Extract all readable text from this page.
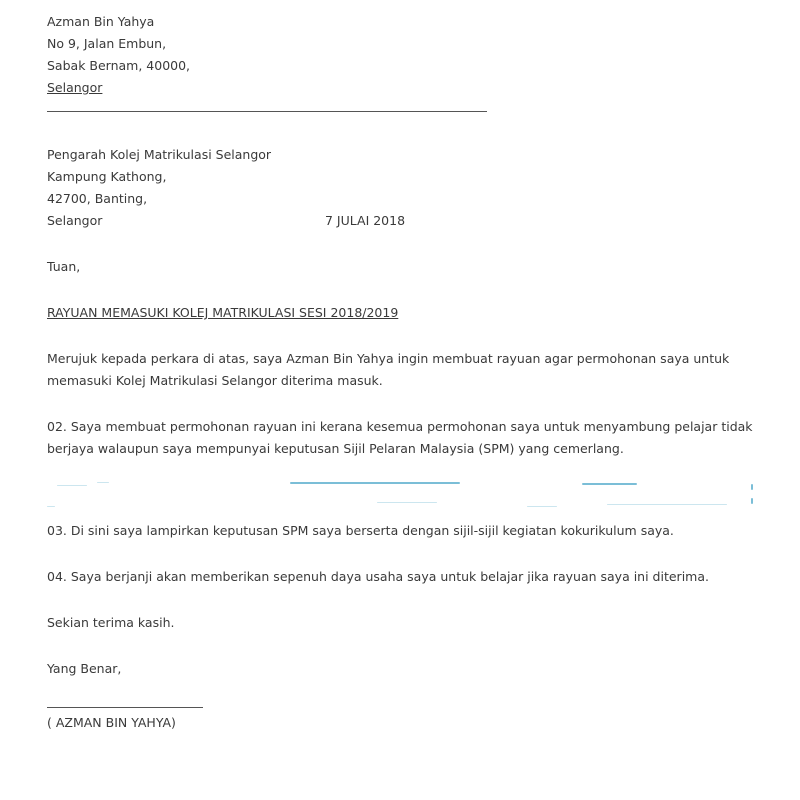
Azman Bin Yahya
No 9, Jalan Embun,
Sabak Bernam, 40000,
Selangor
Pengarah Kolej Matrikulasi Selangor
Kampung Kathong,
42700, Banting,
Selangor	7 JULAI 2018
Tuan,
RAYUAN MEMASUKI KOLEJ MATRIKULASI SESI 2018/2019
Merujuk kepada perkara di atas, saya Azman Bin Yahya ingin membuat rayuan agar permohonan saya untuk
memasuki Kolej Matrikulasi Selangor diterima masuk.
02. Saya membuat permohonan rayuan ini kerana kesemua permohonan saya untuk menyambung pelajar tidak
berjaya walaupun saya mempunyai keputusan Sijil Pelaran Malaysia (SPM) yang cemerlang.
03. Di sini saya lampirkan keputusan SPM saya berserta dengan sijil-sijil kegiatan kokurikulum saya.
04. Saya berjanji akan memberikan sepenuh daya usaha saya untuk belajar jika rayuan saya ini diterima.
Sekian terima kasih.
Yang Benar,
( AZMAN BIN YAHYA)
